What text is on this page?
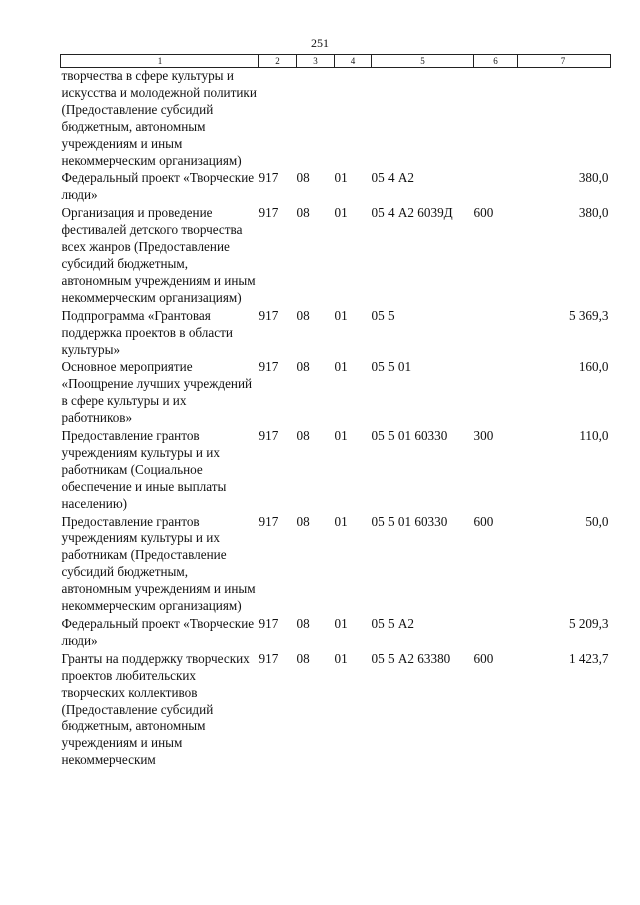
251
1	2	3	4	5	6	7
творчества в сфере культуры и искусства и молодежной политики (Предоставление субсидий бюджетным, автономным учреждениям и иным некоммерческим организациям)						
Федеральный проект «Творческие люди»	917	08	01	05 4 А2		380,0
Организация и проведение фестивалей детского творчества всех жанров (Предоставление субсидий бюджетным, автономным учреждениям и иным некоммерческим организациям)	917	08	01	05 4 А2 6039Д	600	380,0
Подпрограмма «Грантовая поддержка проектов в области культуры»	917	08	01	05 5		5 369,3
Основное мероприятие «Поощрение лучших учреждений в сфере культуры и их работников»	917	08	01	05 5 01		160,0
Предоставление грантов учреждениям культуры и их работникам (Социальное обеспечение и иные выплаты населению)	917	08	01	05 5 01 60330	300	110,0
Предоставление грантов учреждениям культуры и их работникам (Предоставление субсидий бюджетным, автономным учреждениям и иным некоммерческим организациям)	917	08	01	05 5 01 60330	600	50,0
Федеральный проект «Творческие люди»	917	08	01	05 5 А2		5 209,3
Гранты на поддержку творческих проектов любительских творческих коллективов (Предоставление субсидий бюджетным, автономным учреждениям и иным некоммерческим	917	08	01	05 5 А2 63380	600	1 423,7
